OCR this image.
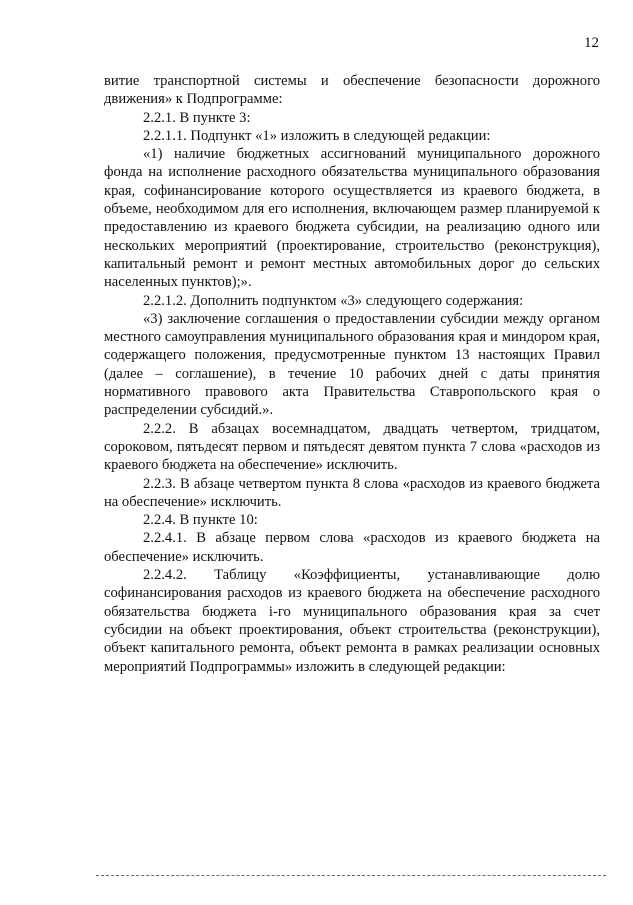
12

витие транспортной системы и обеспечение безопасности дорожного движения» к Подпрограмме:

2.2.1. В пункте 3:

2.2.1.1. Подпункт «1» изложить в следующей редакции:

«1) наличие бюджетных ассигнований муниципального дорожного фонда на исполнение расходного обязательства муниципального образования края, софинансирование которого осуществляется из краевого бюджета, в объеме, необходимом для его исполнения, включающем размер планируемой к предоставлению из краевого бюджета субсидии, на реализацию одного или нескольких мероприятий (проектирование, строительство (реконструкция), капитальный ремонт и ремонт местных автомобильных дорог до сельских населенных пунктов);».

2.2.1.2. Дополнить подпунктом «3» следующего содержания:

«3) заключение соглашения о предоставлении субсидии между органом местного самоуправления муниципального образования края и миндором края, содержащего положения, предусмотренные пунктом 13 настоящих Правил (далее – соглашение), в течение 10 рабочих дней с даты принятия нормативного правового акта Правительства Ставропольского края о распределении субсидий.».

2.2.2. В абзацах восемнадцатом, двадцать четвертом, тридцатом, сороковом, пятьдесят первом и пятьдесят девятом пункта 7 слова «расходов из краевого бюджета на обеспечение» исключить.

2.2.3. В абзаце четвертом пункта 8 слова «расходов из краевого бюджета на обеспечение» исключить.

2.2.4. В пункте 10:

2.2.4.1. В абзаце первом слова «расходов из краевого бюджета на обеспечение» исключить.

2.2.4.2. Таблицу «Коэффициенты, устанавливающие долю софинансирования расходов из краевого бюджета на обеспечение расходного обязательства бюджета i-го муниципального образования края за счет субсидии на объект проектирования, объект строительства (реконструкции), объект капитального ремонта, объект ремонта в рамках реализации основных мероприятий Подпрограммы» изложить в следующей редакции:
